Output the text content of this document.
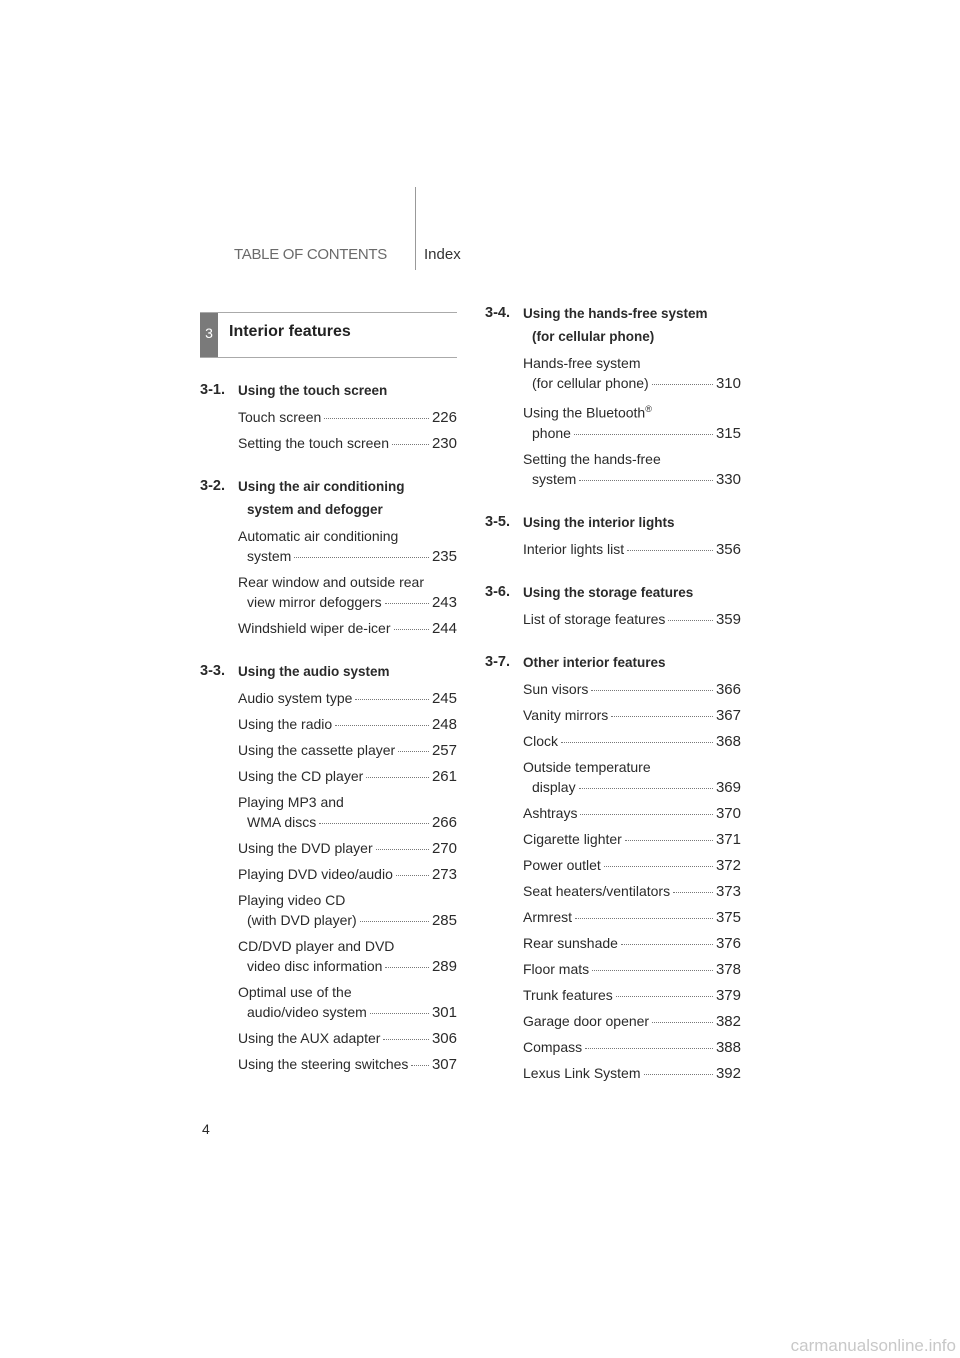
TABLE OF CONTENTS Index
3	Interior features
3-1. Using the touch screen
Touch screen	226
Setting the touch screen	230
3-2. Using the air conditioning
system and defogger
Automatic air conditioning
system	235
Rear window and outside rear
view mirror defoggers	243
Windshield wiper de-icer	244
3-3. Using the audio system
Audio system type	245
Using the radio	248
Using the cassette player 257
Using the CD player	261
Playing MP3 and
WMA discs	266
Using the DVD player	270
Playing DVD video/audio	273
Playing video CD
(with DVD player)	285
CD/DVD player and DVD
video disc information	289
Optimal use of the
audio/video system	301
Using the AUX adapter	306
Using the steering switches 307
3-4. Using the hands-free system
(for cellular phone)
Hands-free system
(for cellular phone)	310
Using the Bluetooth®
phone	315
Setting the hands-free
system	330
3-5. Using the interior lights
Interior lights list	356
3-6. Using the storage features
List of storage features	359
3-7. Other interior features
Sun visors	366
Vanity mirrors	367
Clock	368
Outside temperature
display	369
Ashtrays	370
Cigarette lighter	371
Power outlet	372
Seat heaters/ventilators	373
Armrest	375
Rear sunshade	376
Floor mats	378
Trunk features	379
Garage door opener	382
Compass	388
Lexus Link System	392
4
carmanualsonline.info
